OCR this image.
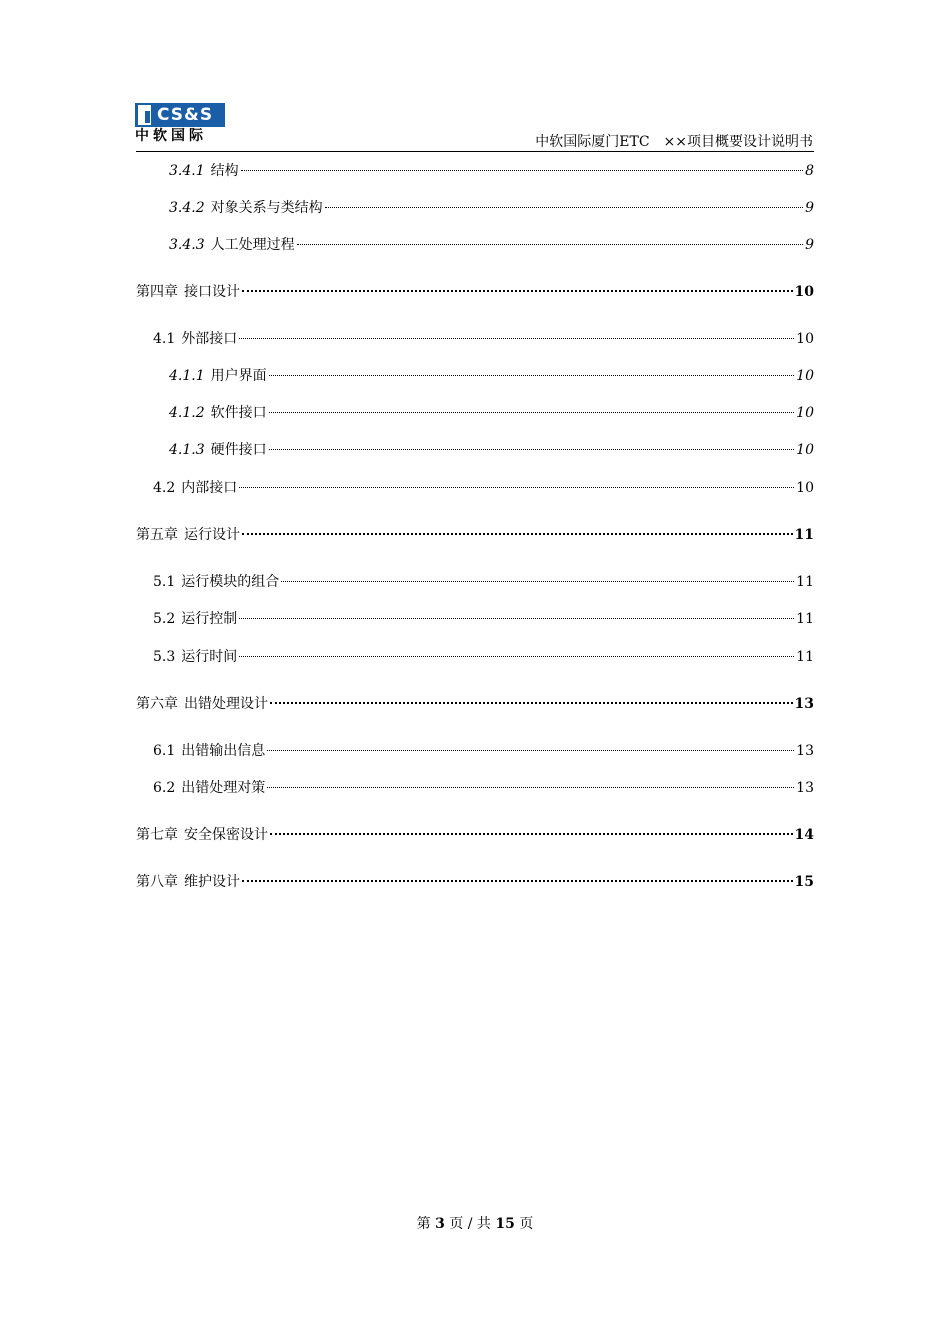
CS&S
中软国际	中软国际厦门ETC　××项目概要设计说明书
3.4.1 结构	8
3.4.2 对象关系与类结构	9
3.4.3 人工处理过程	9
第四章 接口设计	10
4.1 外部接口	10
4.1.1 用户界面	10
4.1.2 软件接口	10
4.1.3 硬件接口	10
4.2 内部接口	10
第五章 运行设计	11
5.1 运行模块的组合	11
5.2 运行控制	11
5.3 运行时间	11
第六章 出错处理设计	13
6.1 出错输出信息	13
6.2 出错处理对策	13
第七章 安全保密设计	14
第八章 维护设计	15
第 3 页 / 共 15 页
